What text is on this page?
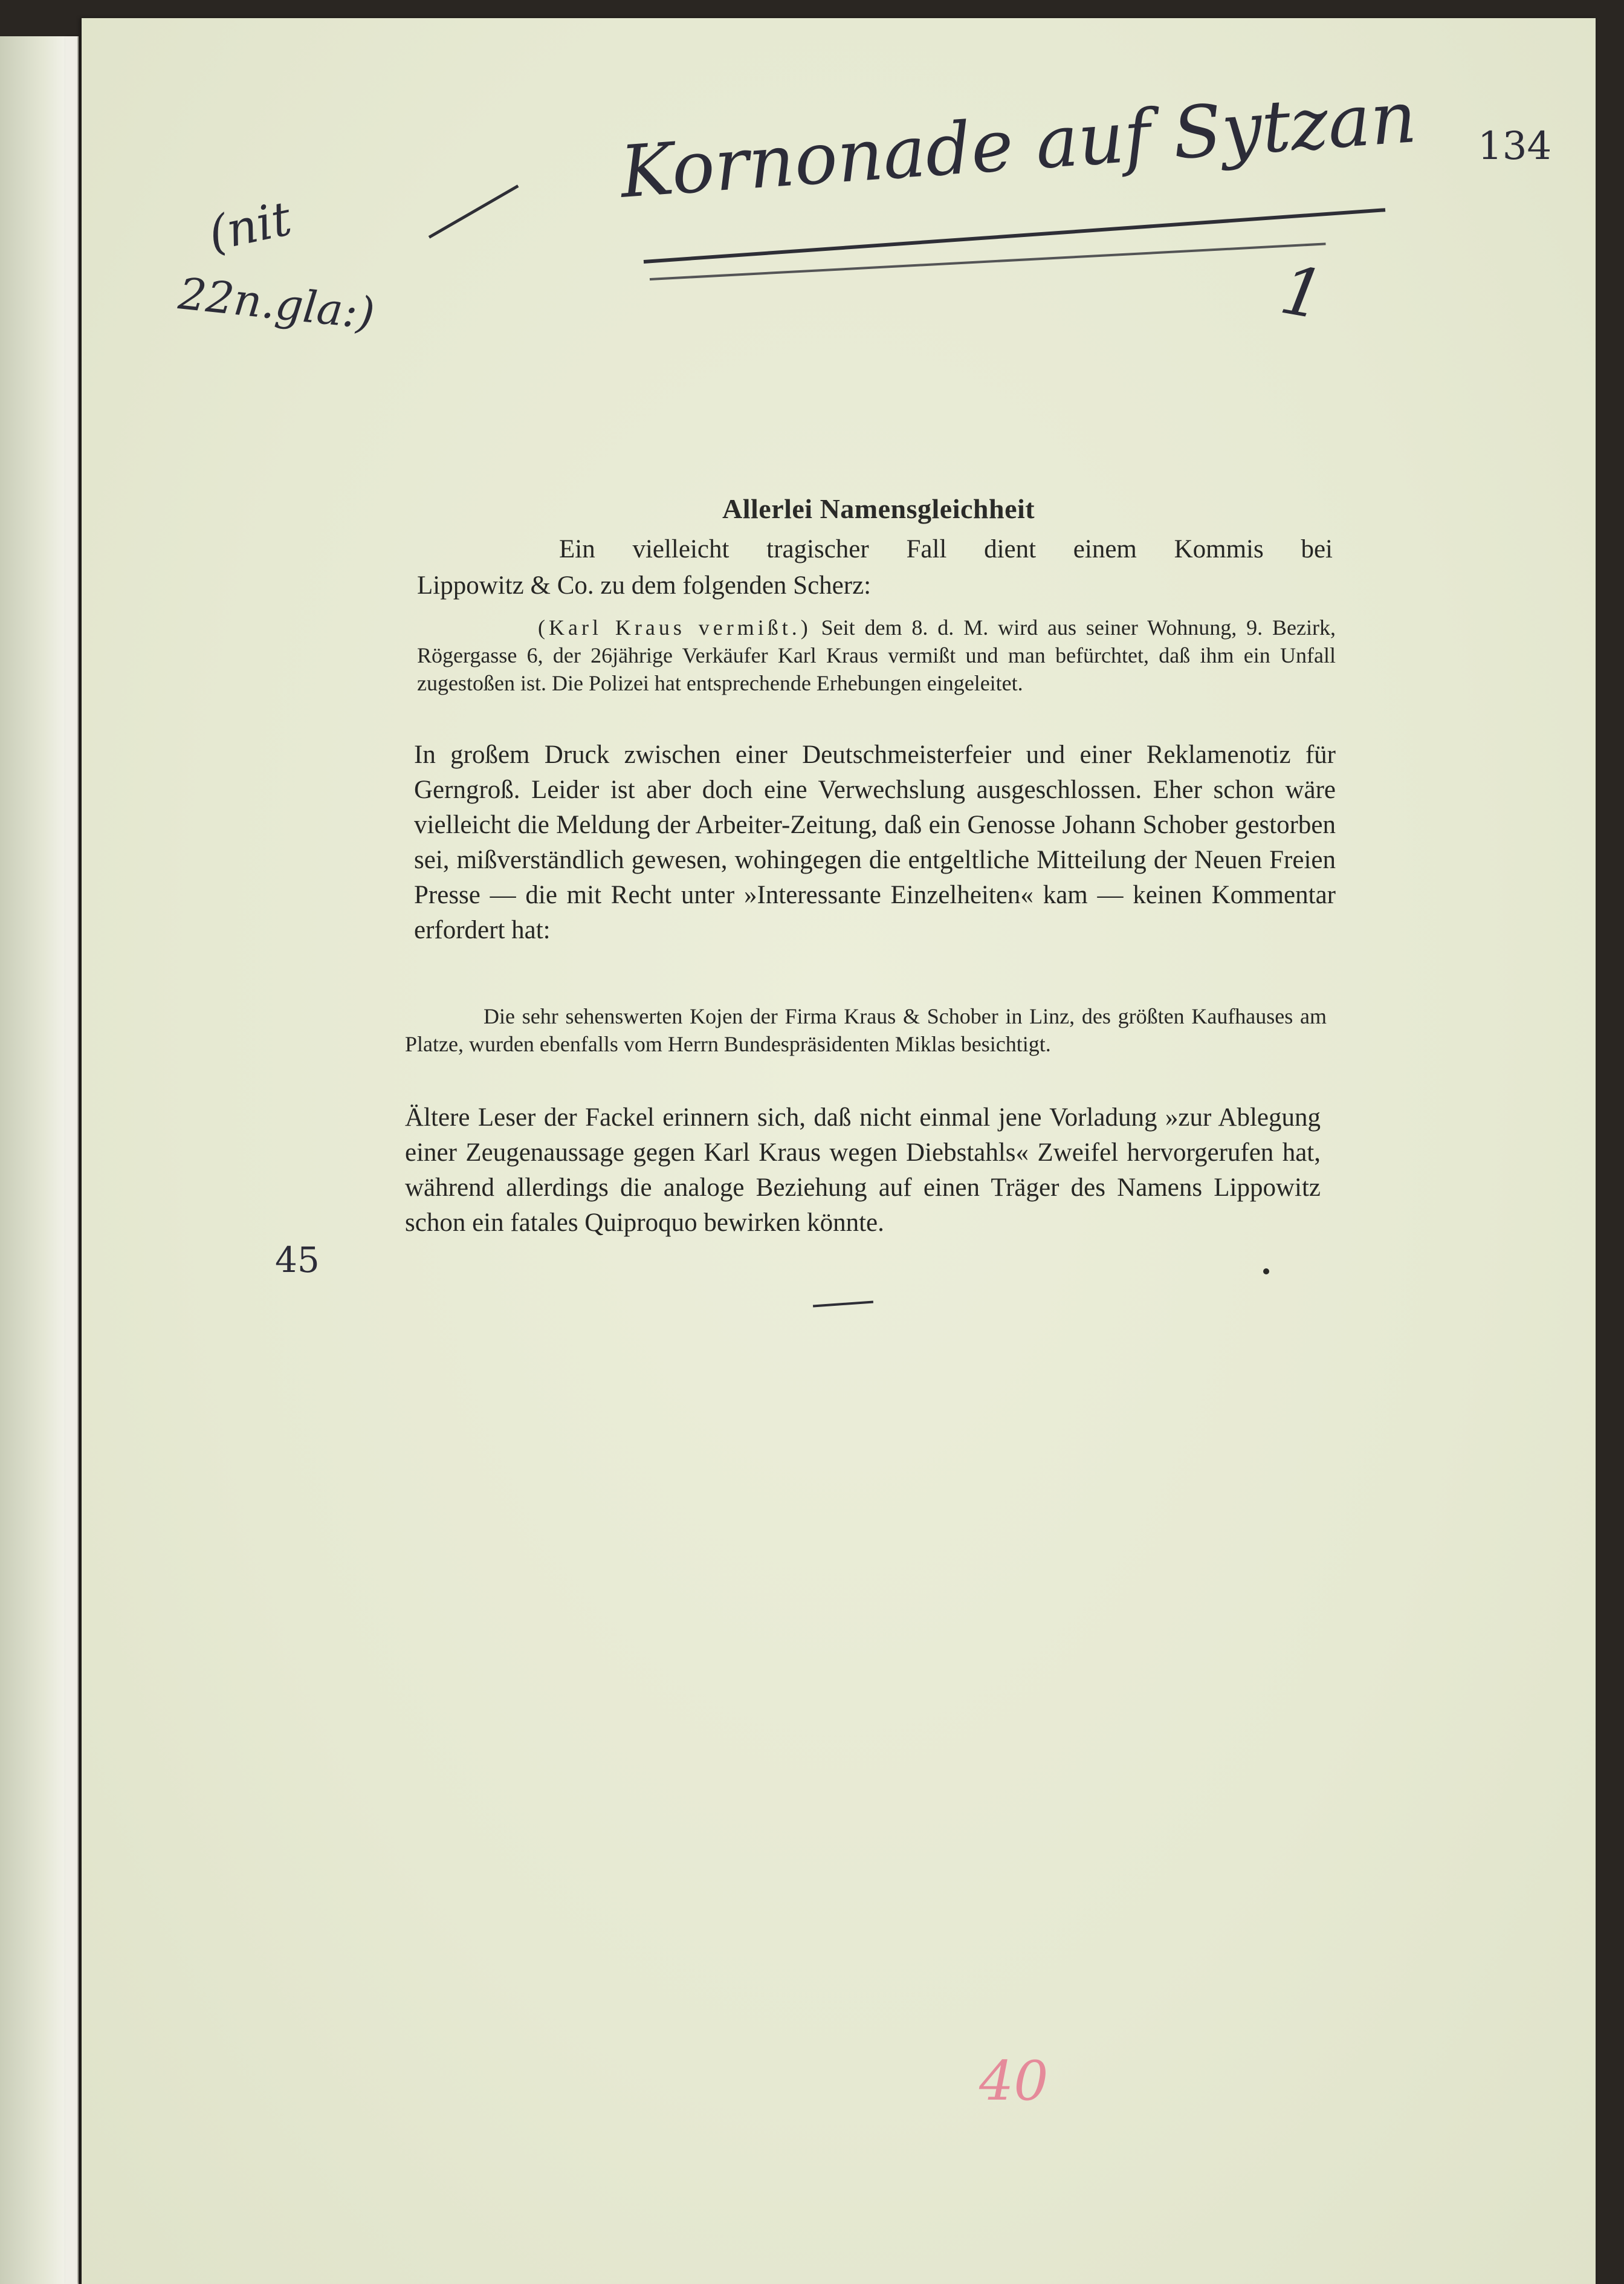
Kornonade auf Sytzan 134
1
(nit
22n.gla:)
Allerlei Namensgleichheit
Ein vielleicht tragischer Fall dient einem Kommis bei
Lippowitz & Co. zu dem folgenden Scherz:
(Karl Kraus vermißt.) Seit dem 8. d. M. wird aus seiner Wohnung, 9. Bezirk, Rögergasse 6, der 26jährige Verkäufer Karl Kraus vermißt und man befürchtet, daß ihm ein Unfall zugestoßen ist. Die Polizei hat entsprechende Erhebungen eingeleitet.
In großem Druck zwischen einer Deutschmeisterfeier und einer Reklamenotiz für Gerngroß. Leider ist aber doch eine Verwechslung ausgeschlossen. Eher schon wäre vielleicht die Meldung der Arbeiter-Zeitung, daß ein Genosse Johann Schober gestorben sei, mißverständlich gewesen, wohingegen die entgeltliche Mitteilung der Neuen Freien Presse — die mit Recht unter »Interessante Einzelheiten« kam — keinen Kommentar erfordert hat:
Die sehr sehenswerten Kojen der Firma Kraus & Schober in Linz, des größten Kaufhauses am Platze, wurden ebenfalls vom Herrn Bundespräsidenten Miklas besichtigt.
Ältere Leser der Fackel erinnern sich, daß nicht einmal jene Vorladung »zur Ablegung einer Zeugenaussage gegen Karl Kraus wegen Diebstahls« Zweifel hervorgerufen hat, während allerdings die analoge Beziehung auf einen Träger des Namens Lippowitz schon ein fatales Quiproquo bewirken könnte.
45
40
